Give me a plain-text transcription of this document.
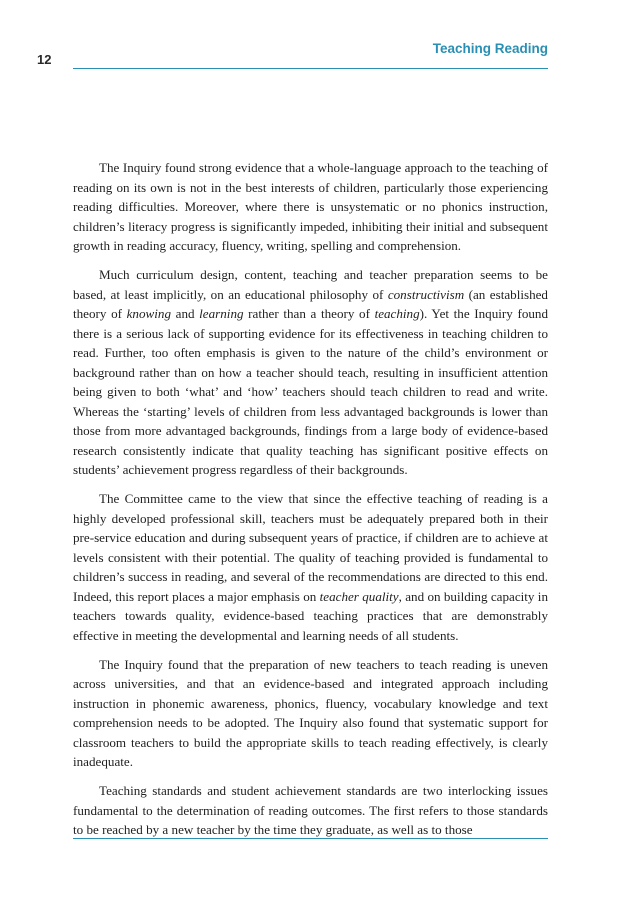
12
Teaching Reading

The Inquiry found strong evidence that a whole-language approach to the teaching of reading on its own is not in the best interests of children, particularly those experiencing reading difficulties. Moreover, where there is unsystematic or no phonics instruction, children’s literacy progress is significantly impeded, inhibiting their initial and subsequent growth in reading accuracy, fluency, writing, spelling and comprehension.

Much curriculum design, content, teaching and teacher preparation seems to be based, at least implicitly, on an educational philosophy of constructivism (an established theory of knowing and learning rather than a theory of teaching). Yet the Inquiry found there is a serious lack of supporting evidence for its effectiveness in teaching children to read. Further, too often emphasis is given to the nature of the child’s environment or background rather than on how a teacher should teach, resulting in insufficient attention being given to both ‘what’ and ‘how’ teachers should teach children to read and write. Whereas the ‘starting’ levels of children from less advantaged backgrounds is lower than those from more advantaged backgrounds, findings from a large body of evidence-based research consistently indicate that quality teaching has significant positive effects on students’ achievement progress regardless of their backgrounds.

The Committee came to the view that since the effective teaching of reading is a highly developed professional skill, teachers must be adequately prepared both in their pre-service education and during subsequent years of practice, if children are to achieve at levels consistent with their potential. The quality of teaching provided is fundamental to children’s success in reading, and several of the recommendations are directed to this end. Indeed, this report places a major emphasis on teacher quality, and on building capacity in teachers towards quality, evidence-based teaching practices that are demonstrably effective in meeting the developmental and learning needs of all students.

The Inquiry found that the preparation of new teachers to teach reading is uneven across universities, and that an evidence-based and integrated approach including instruction in phonemic awareness, phonics, fluency, vocabulary knowledge and text comprehension needs to be adopted. The Inquiry also found that systematic support for classroom teachers to build the appropriate skills to teach reading effectively, is clearly inadequate.

Teaching standards and student achievement standards are two interlocking issues fundamental to the determination of reading outcomes. The first refers to those standards to be reached by a new teacher by the time they graduate, as well as to those
